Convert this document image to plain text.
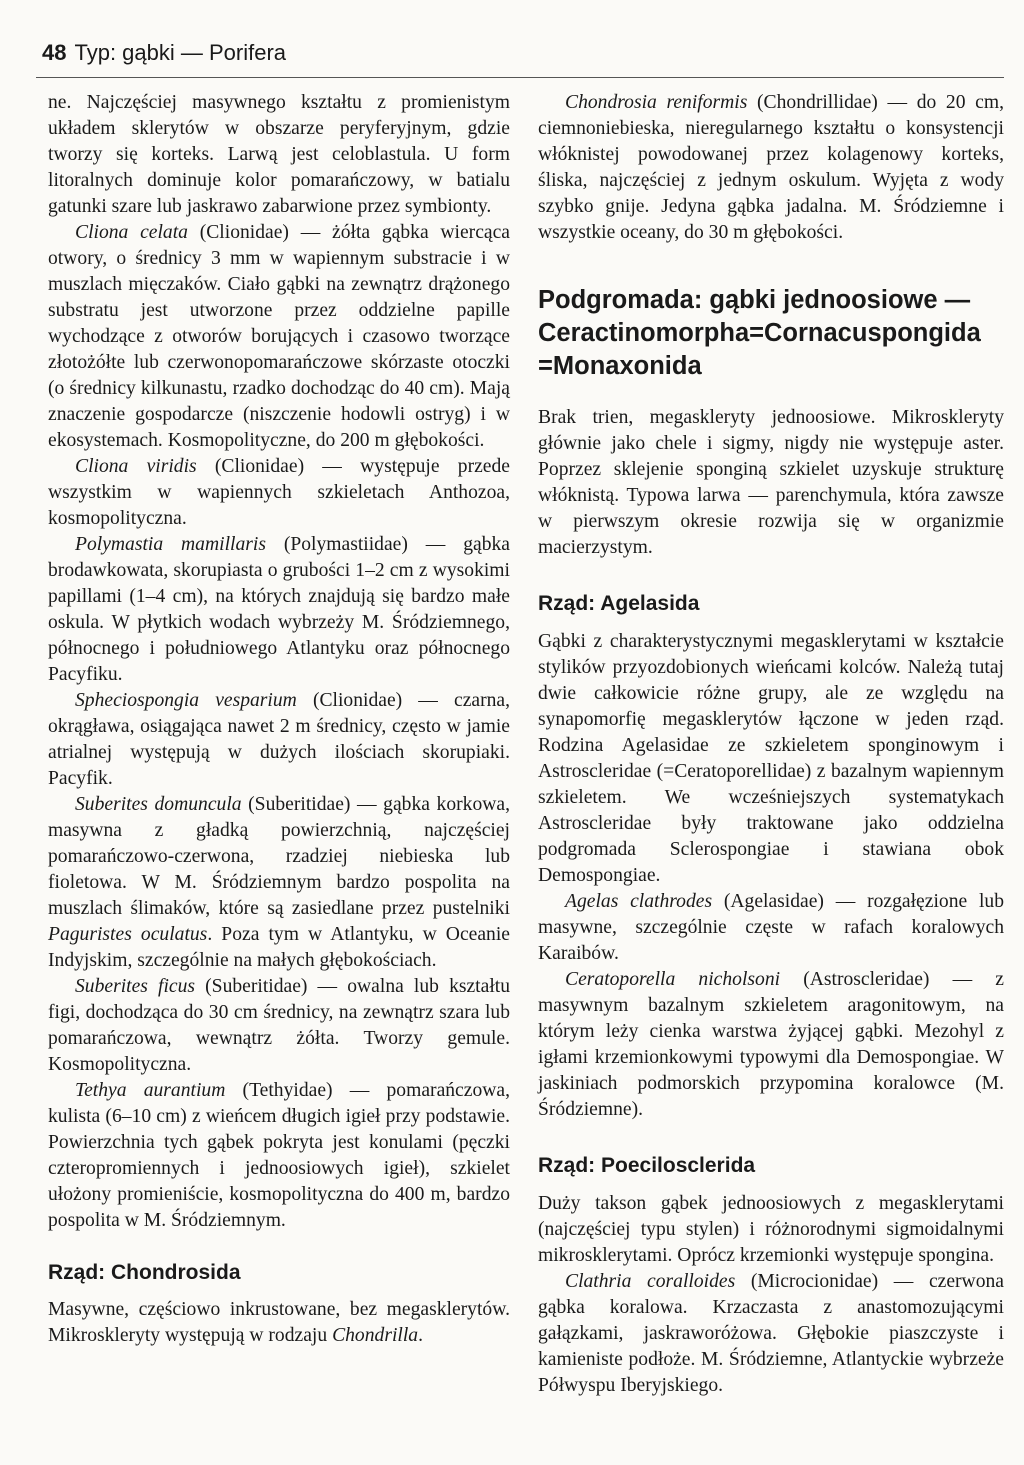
48 Typ: gąbki — Porifera

ne. Najczęściej masywnego kształtu z promienistym układem sklerytów w obszarze peryferyjnym, gdzie tworzy się korteks. Larwą jest celoblastula. U form litoralnych dominuje kolor pomarańczowy, w batialu gatunki szare lub jaskrawo zabarwione przez symbionty.

Cliona celata (Clionidae) — żółta gąbka wiercąca otwory, o średnicy 3 mm w wapiennym substracie i w muszlach mięczaków. Ciało gąbki na zewnątrz drążonego substratu jest utworzone przez oddzielne papille wychodzące z otworów borujących i czasowo tworzące złotożółte lub czerwonopomarańczowe skórzaste otoczki (o średnicy kilkunastu, rzadko dochodząc do 40 cm). Mają znaczenie gospodarcze (niszczenie hodowli ostryg) i w ekosystemach. Kosmopolityczne, do 200 m głębokości.

Cliona viridis (Clionidae) — występuje przede wszystkim w wapiennych szkieletach Anthozoa, kosmopolityczna.

Polymastia mamillaris (Polymastiidae) — gąbka brodawkowata, skorupiasta o grubości 1–2 cm z wysokimi papillami (1–4 cm), na których znajdują się bardzo małe oskula. W płytkich wodach wybrzeży M. Śródziemnego, północnego i południowego Atlantyku oraz północnego Pacyfiku.

Spheciospongia vesparium (Clionidae) — czarna, okrągława, osiągająca nawet 2 m średnicy, często w jamie atrialnej występują w dużych ilościach skorupiaki. Pacyfik.

Suberites domuncula (Suberitidae) — gąbka korkowa, masywna z gładką powierzchnią, najczęściej pomarańczowo-czerwona, rzadziej niebieska lub fioletowa. W M. Śródziemnym bardzo pospolita na muszlach ślimaków, które są zasiedlane przez pustelniki Paguristes oculatus. Poza tym w Atlantyku, w Oceanie Indyjskim, szczególnie na małych głębokościach.

Suberites ficus (Suberitidae) — owalna lub kształtu figi, dochodząca do 30 cm średnicy, na zewnątrz szara lub pomarańczowa, wewnątrz żółta. Tworzy gemule. Kosmopolityczna.

Tethya aurantium (Tethyidae) — pomarańczowa, kulista (6–10 cm) z wieńcem długich igieł przy podstawie. Powierzchnia tych gąbek pokryta jest konulami (pęczki czteropromiennych i jednoosiowych igieł), szkielet ułożony promieniście, kosmopolityczna do 400 m, bardzo pospolita w M. Śródziemnym.

Rząd: Chondrosida

Masywne, częściowo inkrustowane, bez megasklerytów. Mikroskleryty występują w rodzaju Chondrilla.

Chondrosia reniformis (Chondrillidae) — do 20 cm, ciemnoniebieska, nieregularnego kształtu o konsystencji włóknistej powodowanej przez kolagenowy korteks, śliska, najczęściej z jednym oskulum. Wyjęta z wody szybko gnije. Jedyna gąbka jadalna. M. Śródziemne i wszystkie oceany, do 30 m głębokości.

Podgromada: gąbki jednoosiowe —
Ceractinomorpha=Cornacuspongida
=Monaxonida

Brak trien, megaskleryty jednoosiowe. Mikroskleryty głównie jako chele i sigmy, nigdy nie występuje aster. Poprzez sklejenie sponginą szkielet uzyskuje strukturę włóknistą. Typowa larwa — parenchymula, która zawsze w pierwszym okresie rozwija się w organizmie macierzystym.

Rząd: Agelasida

Gąbki z charakterystycznymi megasklerytami w kształcie stylików przyozdobionych wieńcami kolców. Należą tutaj dwie całkowicie różne grupy, ale ze względu na synapomorfię megasklerytów łączone w jeden rząd. Rodzina Agelasidae ze szkieletem sponginowym i Astroscleridae (=Ceratoporellidae) z bazalnym wapiennym szkieletem. We wcześniejszych systematykach Astroscleridae były traktowane jako oddzielna podgromada Sclerospongiae i stawiana obok Demospongiae.

Agelas clathrodes (Agelasidae) — rozgałęzione lub masywne, szczególnie częste w rafach koralowych Karaibów.

Ceratoporella nicholsoni (Astroscleridae) — z masywnym bazalnym szkieletem aragonitowym, na którym leży cienka warstwa żyjącej gąbki. Mezohyl z igłami krzemionkowymi typowymi dla Demospongiae. W jaskiniach podmorskich przypomina koralowce (M. Śródziemne).

Rząd: Poecilosclerida

Duży takson gąbek jednoosiowych z megasklerytami (najczęściej typu stylen) i różnorodnymi sigmoidalnymi mikrosklerytami. Oprócz krzemionki występuje spongina.

Clathria coralloides (Microcionidae) — czerwona gąbka koralowa. Krzaczasta z anastomozującymi gałązkami, jaskraworóżowa. Głębokie piaszczyste i kamieniste podłoże. M. Śródziemne, Atlantyckie wybrzeże Półwyspu Iberyjskiego.
